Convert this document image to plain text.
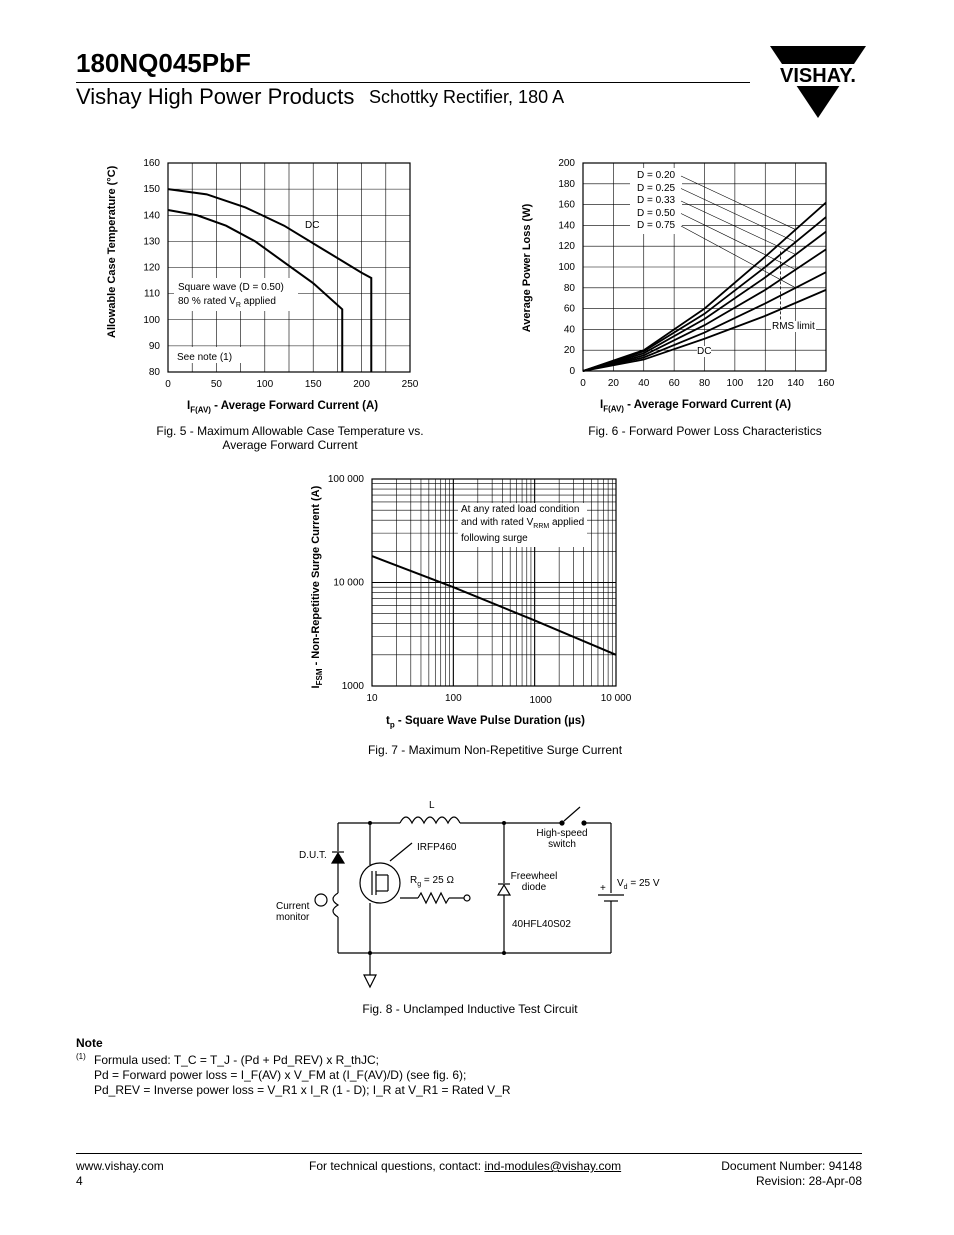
180NQ045PbF
Vishay High Power Products Schottky Rectifier, 180 A
VISHAY.
80
90
100
110
120
130
140
150
160
0	50	100	150	200	250	0 20 40 60 80 100 120 140 160
0
20
40
60
80
100
120
140
160
180
200
10	100	1000	10 000
1000
10 000
100 000
Allowable Case Temperature (°C)
$I_{F(AV)}$ - Average Forward Current (A)
Fig. 5 - Maximum Allowable Case Temperature vs.
Average Forward Current
DC
Square wave (D = 0.50)
80 % rated $V_R$ applied
See note (1)
Average Power Loss (W)
$I_{F(AV)}$ - Average Forward Current (A)
Fig. 6 - Forward Power Loss Characteristics
RMS limit
DC
D = 0.20
D = 0.25
D = 0.33
D = 0.50
D = 0.75
$I_{FSM}$ - Non-Repetitive Surge Current (A)
$t_p$ - Square Wave Pulse Duration (µs)
Fig. 7 - Maximum Non-Repetitive Surge Current
At any rated load condition
and with rated $V_{RRM}$ applied
following surge
L
High-speed
switch
D.U.T.
IRFP460
$R_g = 25$ Ω	Freewheel
diode	+ $V_d = 25$ V
Current
monitor
40HFL40S02
Fig. 8 - Unclamped Inductive Test Circuit
Note
(1) Formula used: T_C = T_J - (Pd + Pd_REV) x R_thJC;
Pd = Forward power loss = I_F(AV) x V_FM at (I_F(AV)/D) (see fig. 6);
Pd_REV = Inverse power loss = V_R1 x I_R (1 - D); I_R at V_R1 = Rated V_R
www.vishay.com
4
For technical questions, contact: ind-modules@vishay.com	Document Number: 94148
Revision: 28-Apr-08
